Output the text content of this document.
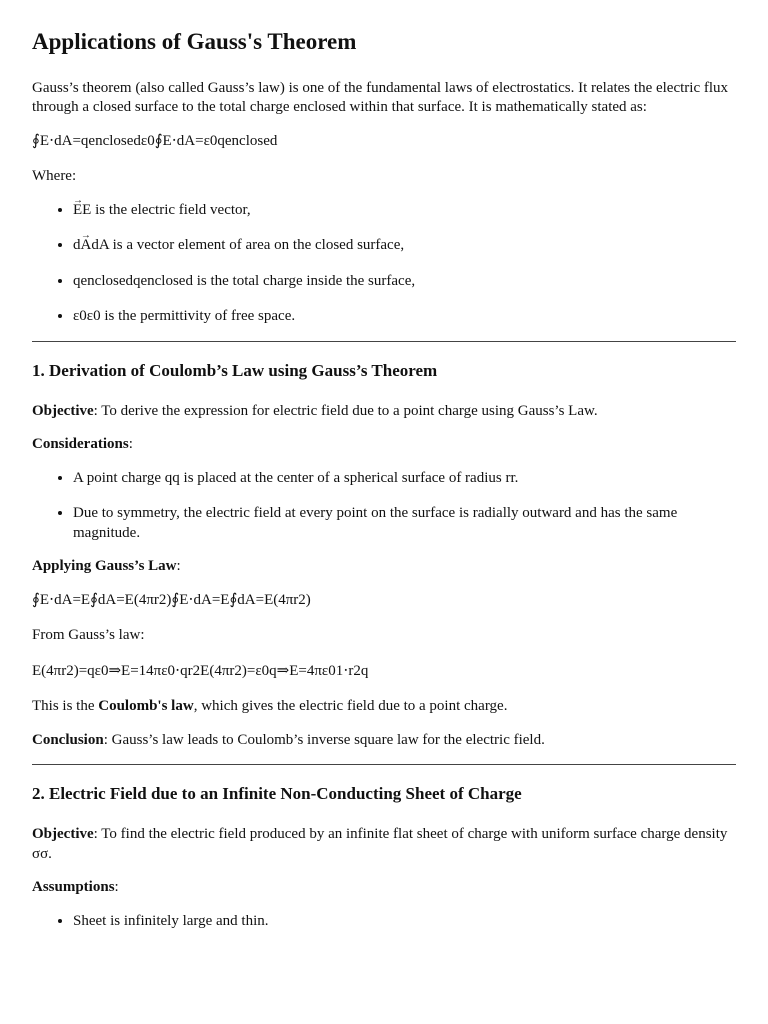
Applications of Gauss's Theorem

Gauss’s theorem (also called Gauss’s law) is one of the fundamental laws of electrostatics. It relates the electric flux through a closed surface to the total charge enclosed within that surface. It is mathematically stated as:

∮E⋅dA=qenclosedε0∮E⋅dA=ε0qenclosed

Where:

• → EE is the electric field vector,
• d→ AdA is a vector element of area on the closed surface,
• qenclosedqenclosed is the total charge inside the surface,
• ε0ε0 is the permittivity of free space.
1. Derivation of Coulomb’s Law using Gauss’s Theorem

Objective: To derive the expression for electric field due to a point charge using Gauss’s Law.

Considerations:

• A point charge qq is placed at the center of a spherical surface of radius rr.
• Due to symmetry, the electric field at every point on the surface is radially outward and has the same magnitude.

Applying Gauss’s Law:

∮E⋅dA=E∮dA=E(4πr2)∮E⋅dA=E∮dA=E(4πr2)

From Gauss’s law:

E(4πr2)=qε0⇒E=14πε0⋅qr2E(4πr2)=ε0q⇒E=4πε01⋅r2q

This is the Coulomb's law, which gives the electric field due to a point charge.

Conclusion: Gauss’s law leads to Coulomb’s inverse square law for the electric field.

2. Electric Field due to an Infinite Non-Conducting Sheet of Charge

Objective: To find the electric field produced by an infinite flat sheet of charge with uniform surface charge density σσ.

Assumptions:

• Sheet is infinitely large and thin.
